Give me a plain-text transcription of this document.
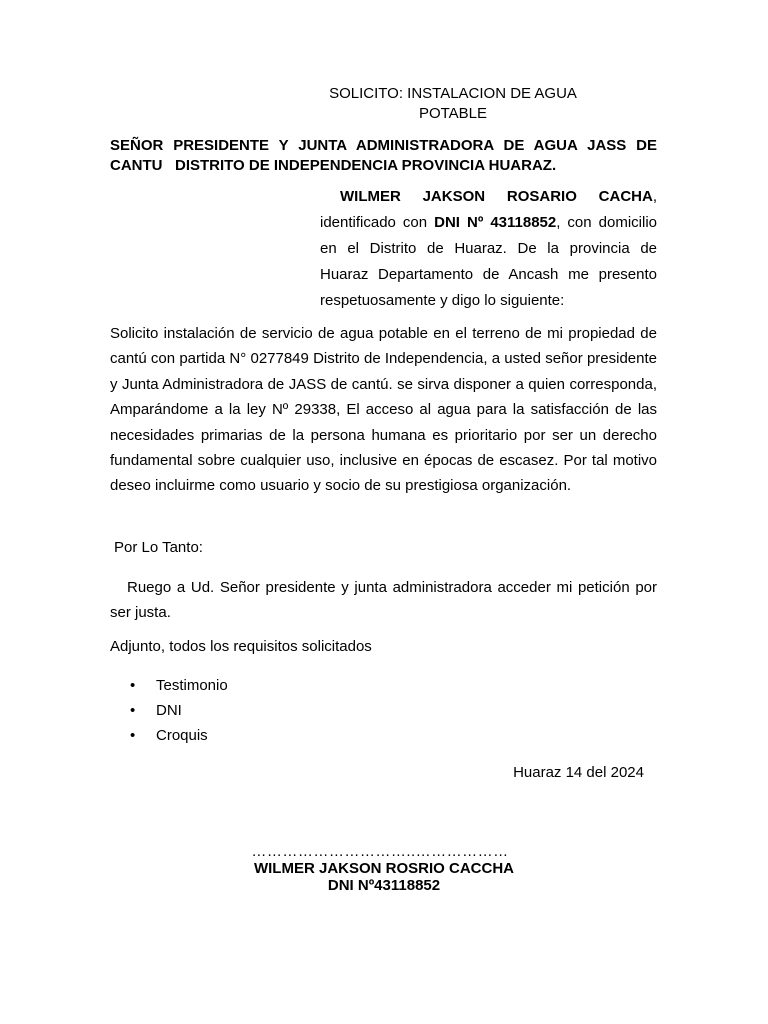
SOLICITO: INSTALACION DE AGUA
POTABLE
SEÑOR PRESIDENTE Y JUNTA ADMINISTRADORA DE AGUA JASS DE
CANTU   DISTRITO DE INDEPENDENCIA PROVINCIA HUARAZ.
WILMER JAKSON ROSARIO CACHA,
identificado con DNI Nº 43118852, con domicilio en el Distrito de Huaraz. De la provincia de Huaraz Departamento de Ancash me presento respetuosamente y digo lo siguiente:

Solicito instalación de servicio de agua potable en el terreno de mi propiedad de cantú con partida N° 0277849 Distrito de Independencia, a usted señor presidente y Junta Administradora de JASS de cantú. se sirva disponer a quien corresponda, Amparándome a la ley Nº 29338, El acceso al agua para la satisfacción de las necesidades primarias de la persona humana es prioritario por ser un derecho fundamental sobre cualquier uso, inclusive en épocas de escasez. Por tal motivo deseo incluirme como usuario y socio de su prestigiosa organización.

Por Lo Tanto:

Ruego a Ud. Señor presidente y junta administradora acceder mi petición por ser justa.

Adjunto, todos los requisitos solicitados

• Testimonio
• DNI
• Croquis

Huaraz 14 del 2024

…………………………..………………
WILMER JAKSON ROSRIO CACCHA
DNI Nº43118852
